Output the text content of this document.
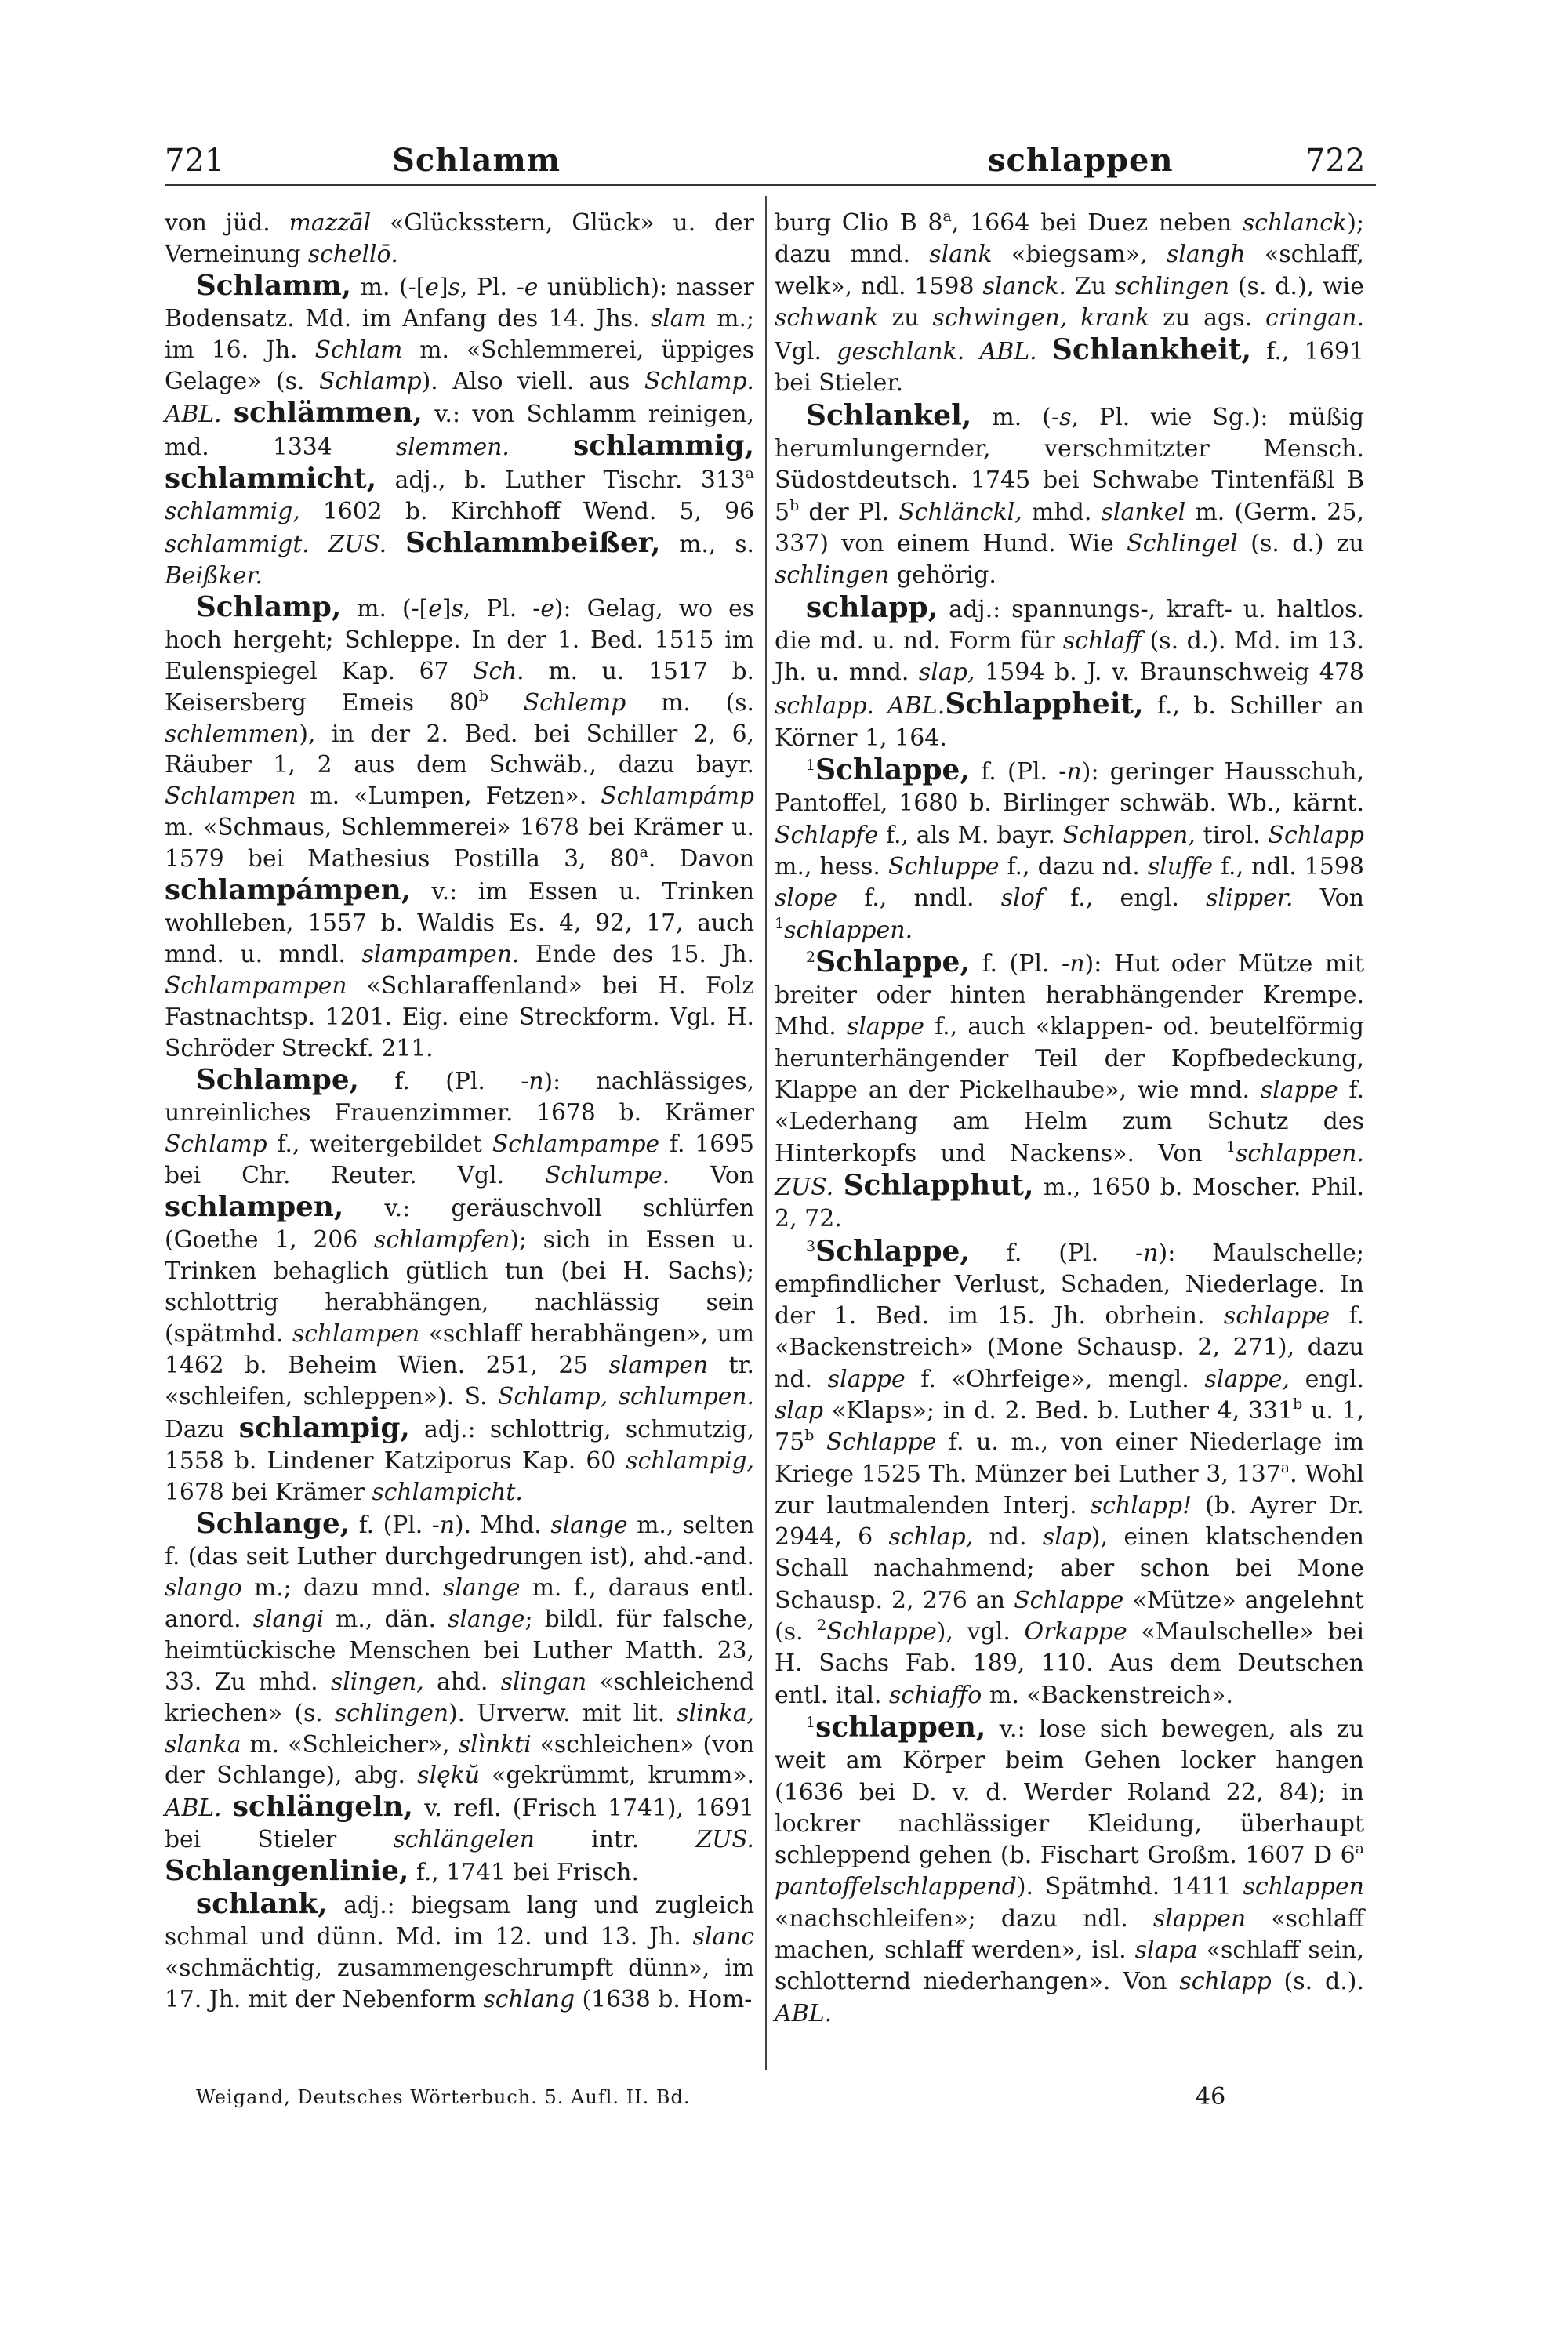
721	Schlamm	schlappen	722

von jüd. mazzāl «Glücksstern, Glück» u. der Verneinung schellō.

Schlamm, m. (-[e]s, Pl. -e unüblich): nasser Bodensatz. Md. im Anfang des 14. Jhs. slam m.; im 16. Jh. Schlam m. «Schlemmerei, üppiges Gelage» (s. Schlamp). Also viell. aus Schlamp. ABL. schlämmen, v.: von Schlamm reinigen, md. 1334 slemmen. schlammig, schlammicht, adj., b. Luther Tischr. 313$^a$ schlammig, 1602 b. Kirchhoff Wend. 5, 96 schlammigt. ZUS. Schlammbeißer, m., s. Beißker.

Schlamp, m. (-[e]s, Pl. -e): Gelag, wo es hoch hergeht; Schleppe. In der 1. Bed. 1515 im Eulenspiegel Kap. 67 Sch. m. u. 1517 b. Keisersberg Emeis 80$^b$ Schlemp m. (s. schlemmen), in der 2. Bed. bei Schiller 2, 6, Räuber 1, 2 aus dem Schwäb., dazu bayr. Schlampen m. «Lumpen, Fetzen». Schlampámp m. «Schmaus, Schlemmerei» 1678 bei Krämer u. 1579 bei Mathesius Postilla 3, 80$^a$. Davon schlampámpen, v.: im Essen u. Trinken wohlleben, 1557 b. Waldis Es. 4, 92, 17, auch mnd. u. mndl. slampampen. Ende des 15. Jh. Schlampampen «Schlaraffenland» bei H. Folz Fastnachtsp. 1201. Eig. eine Streckform. Vgl. H. Schröder Streckf. 211.

Schlampe, f. (Pl. -n): nachlässiges, unreinliches Frauenzimmer. 1678 b. Krämer Schlamp f., weitergebildet Schlampampe f. 1695 bei Chr. Reuter. Vgl. Schlumpe. Von schlampen, v.: geräuschvoll schlürfen (Goethe 1, 206 schlampfen); sich in Essen u. Trinken behaglich gütlich tun (bei H. Sachs); schlottrig herabhängen, nachlässig sein (spätmhd. schlampen «schlaff herabhängen», um 1462 b. Beheim Wien. 251, 25 slampen tr. «schleifen, schleppen»). S. Schlamp, schlumpen. Dazu schlampig, adj.: schlottrig, schmutzig, 1558 b. Lindener Katziporus Kap. 60 schlampig, 1678 bei Krämer schlampicht.

Schlange, f. (Pl. -n). Mhd. slange m., selten f. (das seit Luther durchgedrungen ist), ahd.-and. slango m.; dazu mnd. slange m. f., daraus entl. anord. slangi m., dän. slange; bildl. für falsche, heimtückische Menschen bei Luther Matth. 23, 33. Zu mhd. slingen, ahd. slingan «schleichend kriechen» (s. schlingen). Urverw. mit lit. slinka, slanka m. «Schleicher», slìnkti «schleichen» (von der Schlange), abg. slękŭ «gekrümmt, krumm». ABL. schlängeln, v. refl. (Frisch 1741), 1691 bei Stieler schlängelen intr. ZUS. Schlangenlinie, f., 1741 bei Frisch.

schlank, adj.: biegsam lang und zugleich schmal und dünn. Md. im 12. und 13. Jh. slanc «schmächtig, zusammengeschrumpft dünn», im 17. Jh. mit der Nebenform schlang (1638 b. Hom-

burg Clio B 8$^a$, 1664 bei Duez neben schlanck); dazu mnd. slank «biegsam», slangh «schlaff, welk», ndl. 1598 slanck. Zu schlingen (s. d.), wie schwank zu schwingen, krank zu ags. cringan. Vgl. geschlank. ABL. Schlankheit, f., 1691 bei Stieler.

Schlankel, m. (-s, Pl. wie Sg.): müßig herumlungernder, verschmitzter Mensch. Südostdeutsch. 1745 bei Schwabe Tintenfäßl B 5$^b$ der Pl. Schlänckl, mhd. slankel m. (Germ. 25, 337) von einem Hund. Wie Schlingel (s. d.) zu schlingen gehörig.

schlapp, adj.: spannungs-, kraft- u. haltlos. die md. u. nd. Form für schlaff (s. d.). Md. im 13. Jh. u. mnd. slap, 1594 b. J. v. Braunschweig 478 schlapp. ABL.Schlappheit, f., b. Schiller an Körner 1, 164.

$^1$Schlappe, f. (Pl. -n): geringer Hausschuh, Pantoffel, 1680 b. Birlinger schwäb. Wb., kärnt. Schlapfe f., als M. bayr. Schlappen, tirol. Schlapp m., hess. Schluppe f., dazu nd. sluffe f., ndl. 1598 slope f., nndl. slof f., engl. slipper. Von $^1$schlappen.

$^2$Schlappe, f. (Pl. -n): Hut oder Mütze mit breiter oder hinten herabhängender Krempe. Mhd. slappe f., auch «klappen- od. beutelförmig herunterhängender Teil der Kopfbedeckung, Klappe an der Pickelhaube», wie mnd. slappe f. «Lederhang am Helm zum Schutz des Hinterkopfs und Nackens». Von $^1$schlappen. ZUS. Schlapphut, m., 1650 b. Moscher. Phil. 2, 72.

$^3$Schlappe, f. (Pl. -n): Maulschelle; empfindlicher Verlust, Schaden, Niederlage. In der 1. Bed. im 15. Jh. obrhein. schlappe f. «Backenstreich» (Mone Schausp. 2, 271), dazu nd. slappe f. «Ohrfeige», mengl. slappe, engl. slap «Klaps»; in d. 2. Bed. b. Luther 4, 331$^b$ u. 1, 75$^b$ Schlappe f. u. m., von einer Niederlage im Kriege 1525 Th. Münzer bei Luther 3, 137$^a$. Wohl zur lautmalenden Interj. schlapp! (b. Ayrer Dr. 2944, 6 schlap, nd. slap), einen klatschenden Schall nachahmend; aber schon bei Mone Schausp. 2, 276 an Schlappe «Mütze» angelehnt (s. $^2$Schlappe), vgl. Orkappe «Maulschelle» bei H. Sachs Fab. 189, 110. Aus dem Deutschen entl. ital. schiaffo m. «Backenstreich».

$^1$schlappen, v.: lose sich bewegen, als zu weit am Körper beim Gehen locker hangen (1636 bei D. v. d. Werder Roland 22, 84); in lockrer nachlässiger Kleidung, überhaupt schleppend gehen (b. Fischart Großm. 1607 D 6$^a$ pantoffelschlappend). Spätmhd. 1411 schlappen «nachschleifen»; dazu ndl. slappen «schlaff machen, schlaff werden», isl. slapa «schlaff sein, schlotternd niederhangen». Von schlapp (s. d.). ABL.

Weigand, Deutsches Wörterbuch. 5. Aufl. II. Bd.	46
